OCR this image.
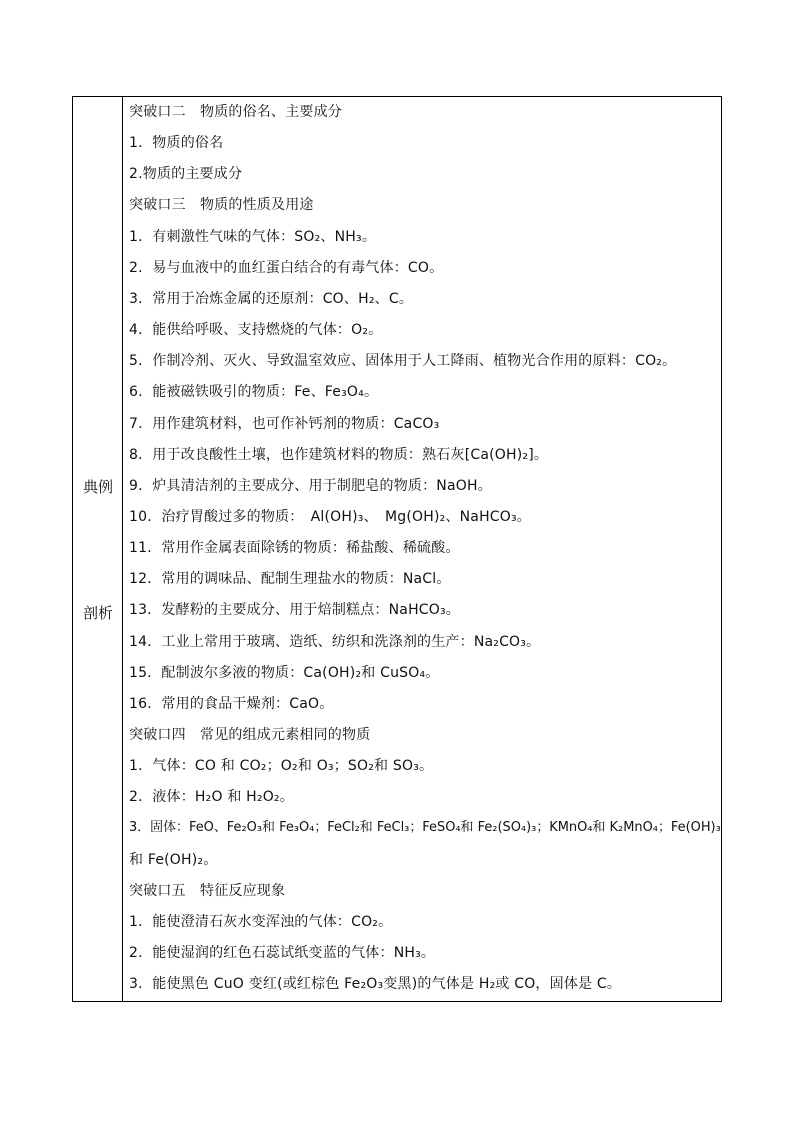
典例
剖析
突破口二　物质的俗名、主要成分
1．物质的俗名
2.物质的主要成分
突破口三　物质的性质及用途
1．有刺激性气味的气体：SO₂、NH₃。
2．易与血液中的血红蛋白结合的有毒气体：CO。
3．常用于冶炼金属的还原剂：CO、H₂、C。
4．能供给呼吸、支持燃烧的气体：O₂。
5．作制冷剂、灭火、导致温室效应、固体用于人工降雨、植物光合作用的原料：CO₂。
6．能被磁铁吸引的物质：Fe、Fe₃O₄。
7．用作建筑材料，也可作补钙剂的物质：CaCO₃
8．用于改良酸性土壤，也作建筑材料的物质：熟石灰[Ca(OH)₂]。
9．炉具清洁剂的主要成分、用于制肥皂的物质：NaOH。
10．治疗胃酸过多的物质：　Al(OH)₃、　Mg(OH)₂、NaHCO₃。
11．常用作金属表面除锈的物质：稀盐酸、稀硫酸。
12．常用的调味品、配制生理盐水的物质：NaCl。
13．发酵粉的主要成分、用于焙制糕点：NaHCO₃。
14．工业上常用于玻璃、造纸、纺织和洗涤剂的生产：Na₂CO₃。
15．配制波尔多液的物质：Ca(OH)₂和 CuSO₄。
16．常用的食品干燥剂：CaO。
突破口四　常见的组成元素相同的物质
1．气体：CO 和 CO₂；O₂和 O₃；SO₂和 SO₃。
2．液体：H₂O 和 H₂O₂。
3．固体：FeO、Fe₂O₃和 Fe₃O₄；FeCl₂和 FeCl₃；FeSO₄和 Fe₂(SO₄)₃；KMnO₄和 K₂MnO₄；Fe(OH)₃
和 Fe(OH)₂。
突破口五　特征反应现象
1．能使澄清石灰水变浑浊的气体：CO₂。
2．能使湿润的红色石蕊试纸变蓝的气体：NH₃。
3．能使黑色 CuO 变红(或红棕色 Fe₂O₃变黑)的气体是 H₂或 CO，固体是 C。
